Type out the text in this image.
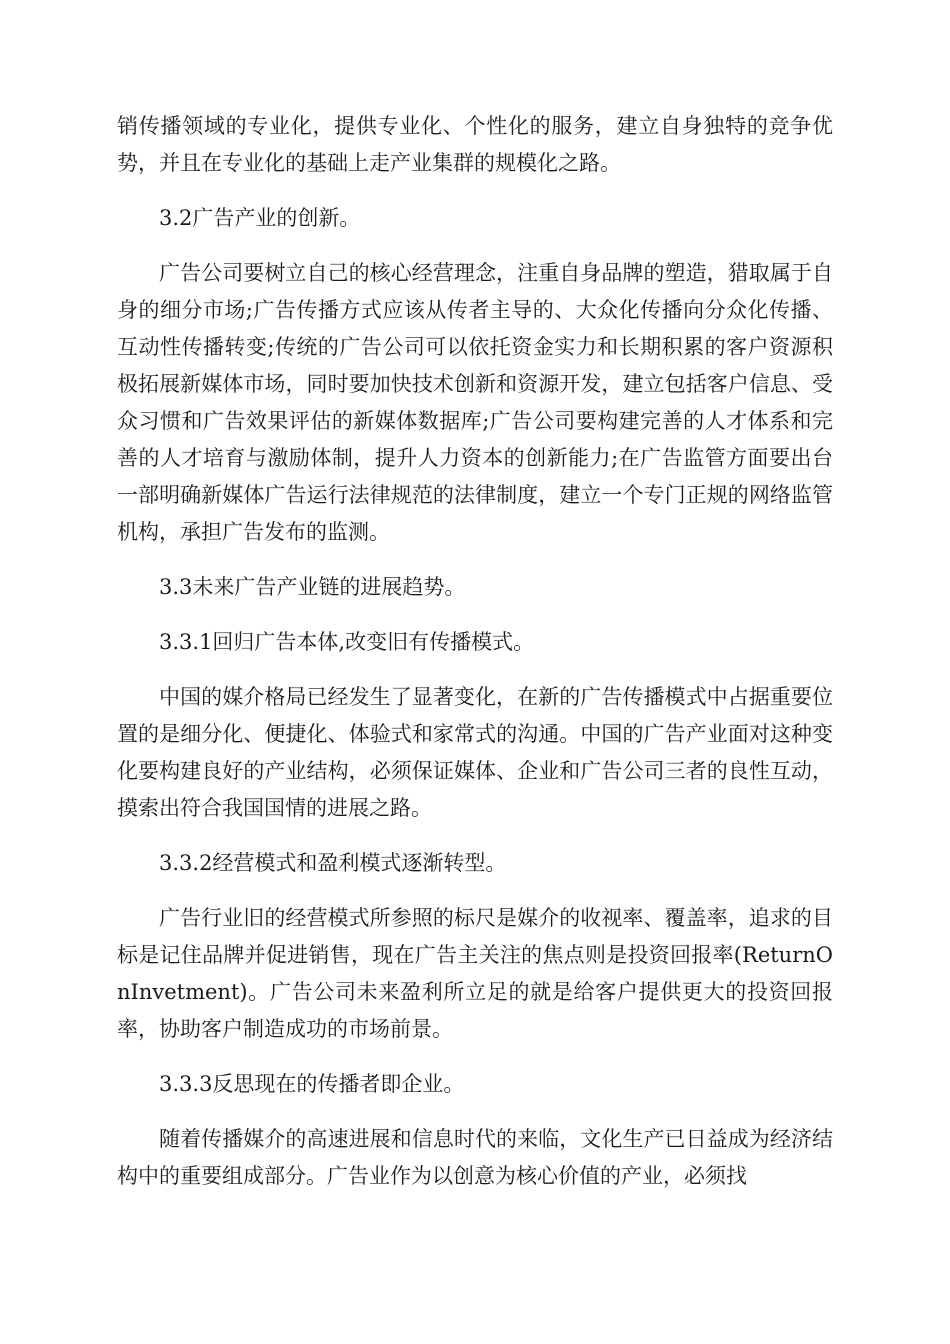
销传播领域的专业化，提供专业化、个性化的服务，建立自身独特的竞争优势，并且在专业化的基础上走产业集群的规模化之路。

3.2广告产业的创新。

广告公司要树立自己的核心经营理念，注重自身品牌的塑造，猎取属于自身的细分市场;广告传播方式应该从传者主导的、大众化传播向分众化传播、互动性传播转变;传统的广告公司可以依托资金实力和长期积累的客户资源积极拓展新媒体市场，同时要加快技术创新和资源开发，建立包括客户信息、受众习惯和广告效果评估的新媒体数据库;广告公司要构建完善的人才体系和完善的人才培育与激励体制，提升人力资本的创新能力;在广告监管方面要出台一部明确新媒体广告运行法律规范的法律制度，建立一个专门正规的网络监管机构，承担广告发布的监测。

3.3未来广告产业链的进展趋势。

3.3.1回归广告本体,改变旧有传播模式。

中国的媒介格局已经发生了显著变化，在新的广告传播模式中占据重要位置的是细分化、便捷化、体验式和家常式的沟通。中国的广告产业面对这种变化要构建良好的产业结构，必须保证媒体、企业和广告公司三者的良性互动，摸索出符合我国国情的进展之路。

3.3.2经营模式和盈利模式逐渐转型。

广告行业旧的经营模式所参照的标尺是媒介的收视率、覆盖率，追求的目标是记住品牌并促进销售，现在广告主关注的焦点则是投资回报率(ReturnOnInvetment)。广告公司未来盈利所立足的就是给客户提供更大的投资回报率，协助客户制造成功的市场前景。

3.3.3反思现在的传播者即企业。

随着传播媒介的高速进展和信息时代的来临，文化生产已日益成为经济结构中的重要组成部分。广告业作为以创意为核心价值的产业，必须找
